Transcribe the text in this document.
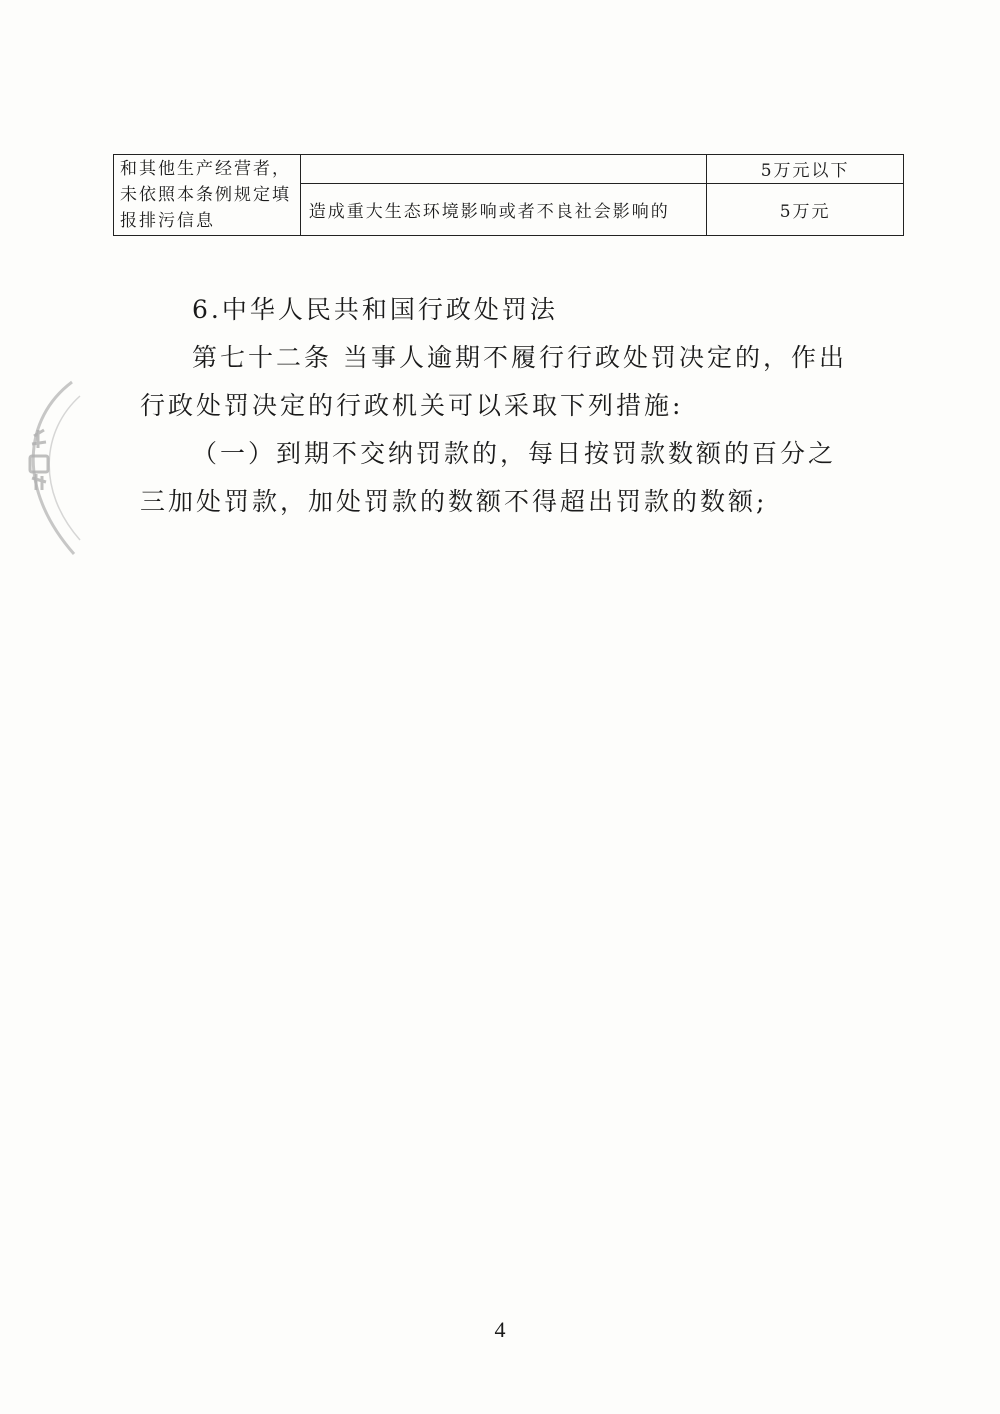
和其他生产经营者，未依照本条例规定填报排污信息		5万元以下
	造成重大生态环境影响或者不良社会影响的	5万元

6.中华人民共和国行政处罚法

第七十二条 当事人逾期不履行行政处罚决定的，作出行政处罚决定的行政机关可以采取下列措施:

（一）到期不交纳罚款的，每日按罚款数额的百分之三加处罚款，加处罚款的数额不得超出罚款的数额;

4
